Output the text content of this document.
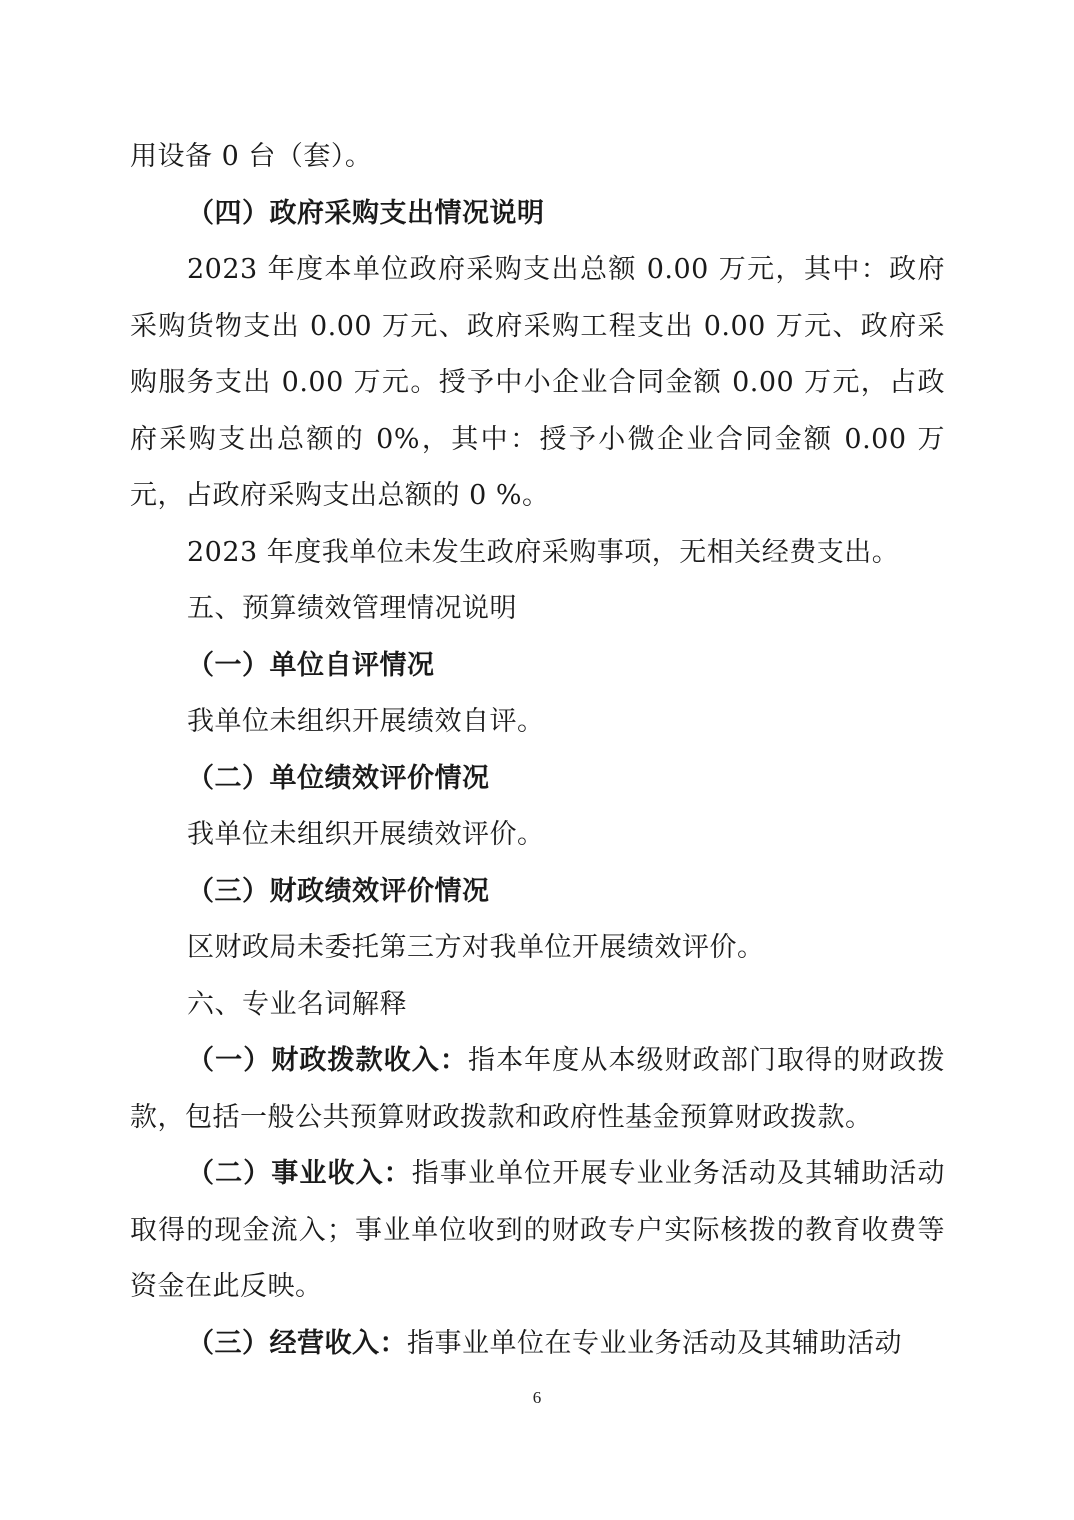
用设备 0 台（套）。

（四）政府采购支出情况说明

2023 年度本单位政府采购支出总额 0.00 万元，其中：政府采购货物支出 0.00 万元、政府采购工程支出 0.00 万元、政府采购服务支出 0.00 万元。授予中小企业合同金额 0.00 万元，占政府采购支出总额的 0%，其中：授予小微企业合同金额 0.00 万元，占政府采购支出总额的 0 %。

2023 年度我单位未发生政府采购事项，无相关经费支出。

五、预算绩效管理情况说明

（一）单位自评情况

我单位未组织开展绩效自评。

（二）单位绩效评价情况

我单位未组织开展绩效评价。

（三）财政绩效评价情况

区财政局未委托第三方对我单位开展绩效评价。

六、专业名词解释

（一）财政拨款收入：指本年度从本级财政部门取得的财政拨款，包括一般公共预算财政拨款和政府性基金预算财政拨款。

（二）事业收入：指事业单位开展专业业务活动及其辅助活动取得的现金流入；事业单位收到的财政专户实际核拨的教育收费等资金在此反映。

（三）经营收入：指事业单位在专业业务活动及其辅助活动

6
